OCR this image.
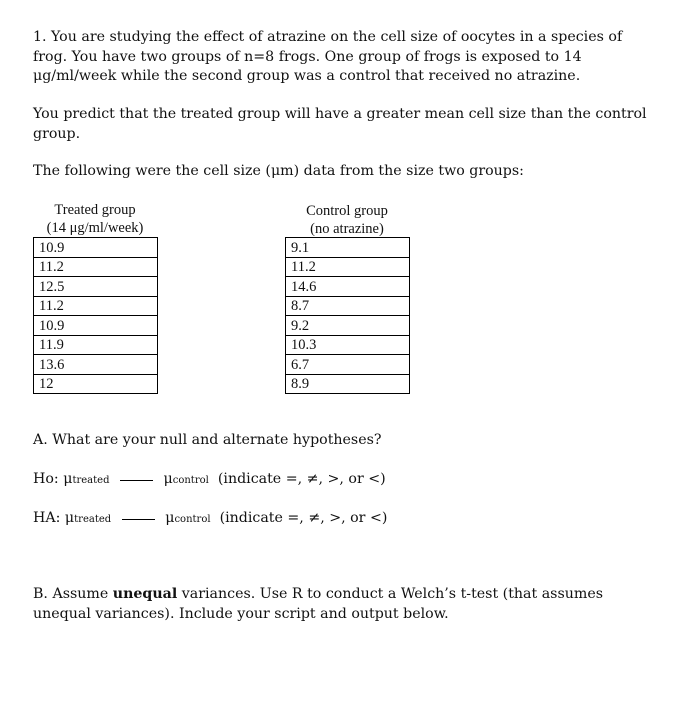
1. You are studying the effect of atrazine on the cell size of oocytes in a species of

frog. You have two groups of n=8 frogs. One group of frogs is exposed to 14

μg/ml/week while the second group was a control that received no atrazine.

You predict that the treated group will have a greater mean cell size than the control

group.

The following were the cell size (μm) data from the size two groups:

Treated group
(14 μg/ml/week)
10.9
11.2
12.5
11.2
10.9
11.9
13.6
12
Control group
(no atrazine)
9.1
11.2
14.6
8.7
9.2
10.3
6.7
8.9

A. What are your null and alternate hypotheses?

Ho: μtreated	μcontrol (indicate =, ≠, >, or <)

HA: μtreated	μcontrol (indicate =, ≠, >, or <)

B. Assume unequal variances. Use R to conduct a Welch’s t-test (that assumes

unequal variances). Include your script and output below.
